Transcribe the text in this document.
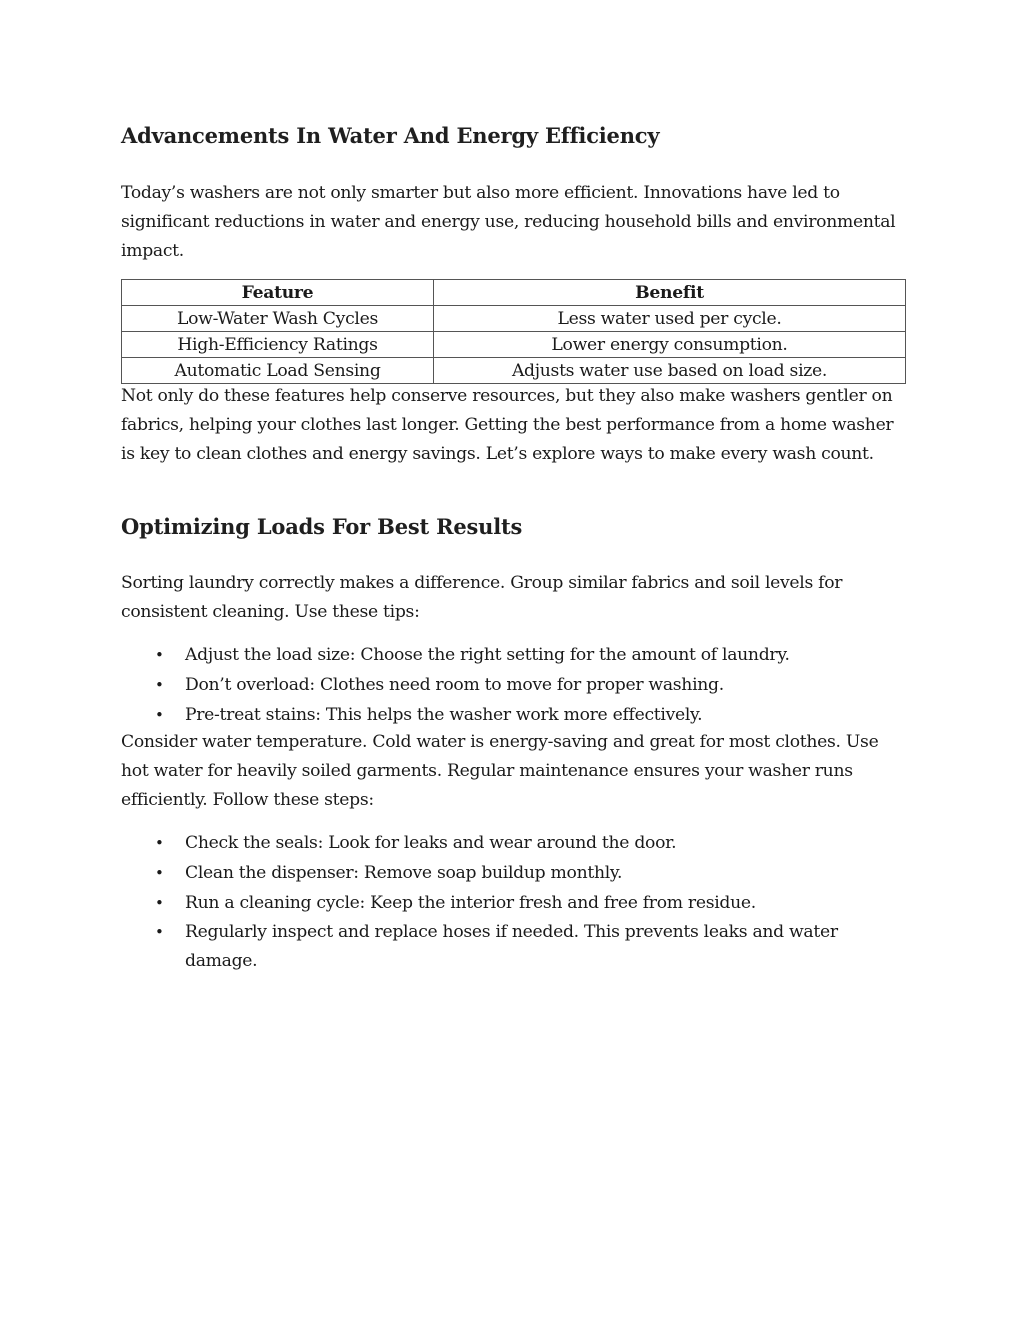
Advancements In Water And Energy Efficiency

Today’s washers are not only smarter but also more efficient. Innovations have led to significant reductions in water and energy use, reducing household bills and environmental impact.

Feature	Benefit
Low-Water Wash Cycles	Less water used per cycle.
High-Efficiency Ratings	Lower energy consumption.
Automatic Load Sensing	Adjusts water use based on load size.

Not only do these features help conserve resources, but they also make washers gentler on fabrics, helping your clothes last longer. Getting the best performance from a home washer is key to clean clothes and energy savings. Let’s explore ways to make every wash count.

Optimizing Loads For Best Results

Sorting laundry correctly makes a difference. Group similar fabrics and soil levels for consistent cleaning. Use these tips:

• Adjust the load size: Choose the right setting for the amount of laundry.
• Don’t overload: Clothes need room to move for proper washing.
• Pre-treat stains: This helps the washer work more effectively.

Consider water temperature. Cold water is energy-saving and great for most clothes. Use hot water for heavily soiled garments. Regular maintenance ensures your washer runs efficiently. Follow these steps:

• Check the seals: Look for leaks and wear around the door.
• Clean the dispenser: Remove soap buildup monthly.
• Run a cleaning cycle: Keep the interior fresh and free from residue.
• Regularly inspect and replace hoses if needed. This prevents leaks and water damage.
